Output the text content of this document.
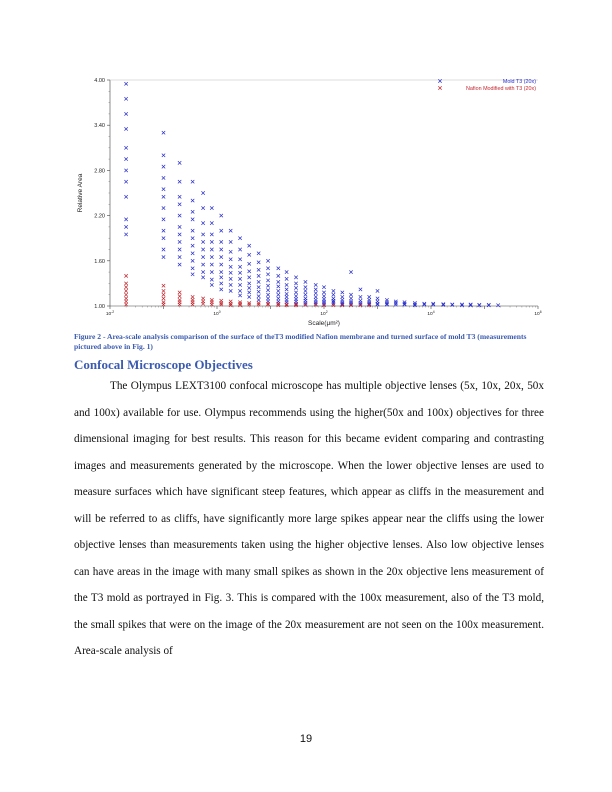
1.00
1.60
2.20
2.80
3.40
4.00
$10^{-2}$	$10^0$	$10^2$	$10^4$	$10^6$
Relative Area
Scale(μm²)
Mold T3 (20x)
Nafion Modified with T3 (20x)
Figure 2 - Area-scale analysis comparison of the surface of theT3 modified Nafion membrane and turned surface of mold T3 (measurements pictured above in Fig. 1)
Confocal Microscope Objectives

The Olympus LEXT3100 confocal microscope has multiple objective lenses (5x, 10x, 20x, 50x and 100x) available for use. Olympus recommends using the higher(50x and 100x) objectives for three dimensional imaging for best results. This reason for this became evident comparing and contrasting images and measurements generated by the microscope. When the lower objective lenses are used to measure surfaces which have significant steep features, which appear as cliffs in the measurement and will be referred to as cliffs, have significantly more large spikes appear near the cliffs using the lower objective lenses than measurements taken using the higher objective lenses. Also low objective lenses can have areas in the image with many small spikes as shown in the 20x objective lens measurement of the T3 mold as portrayed in Fig. 3. This is compared with the 100x measurement, also of the T3 mold, the small spikes that were on the image of the 20x measurement are not seen on the 100x measurement. Area-scale analysis of

19
